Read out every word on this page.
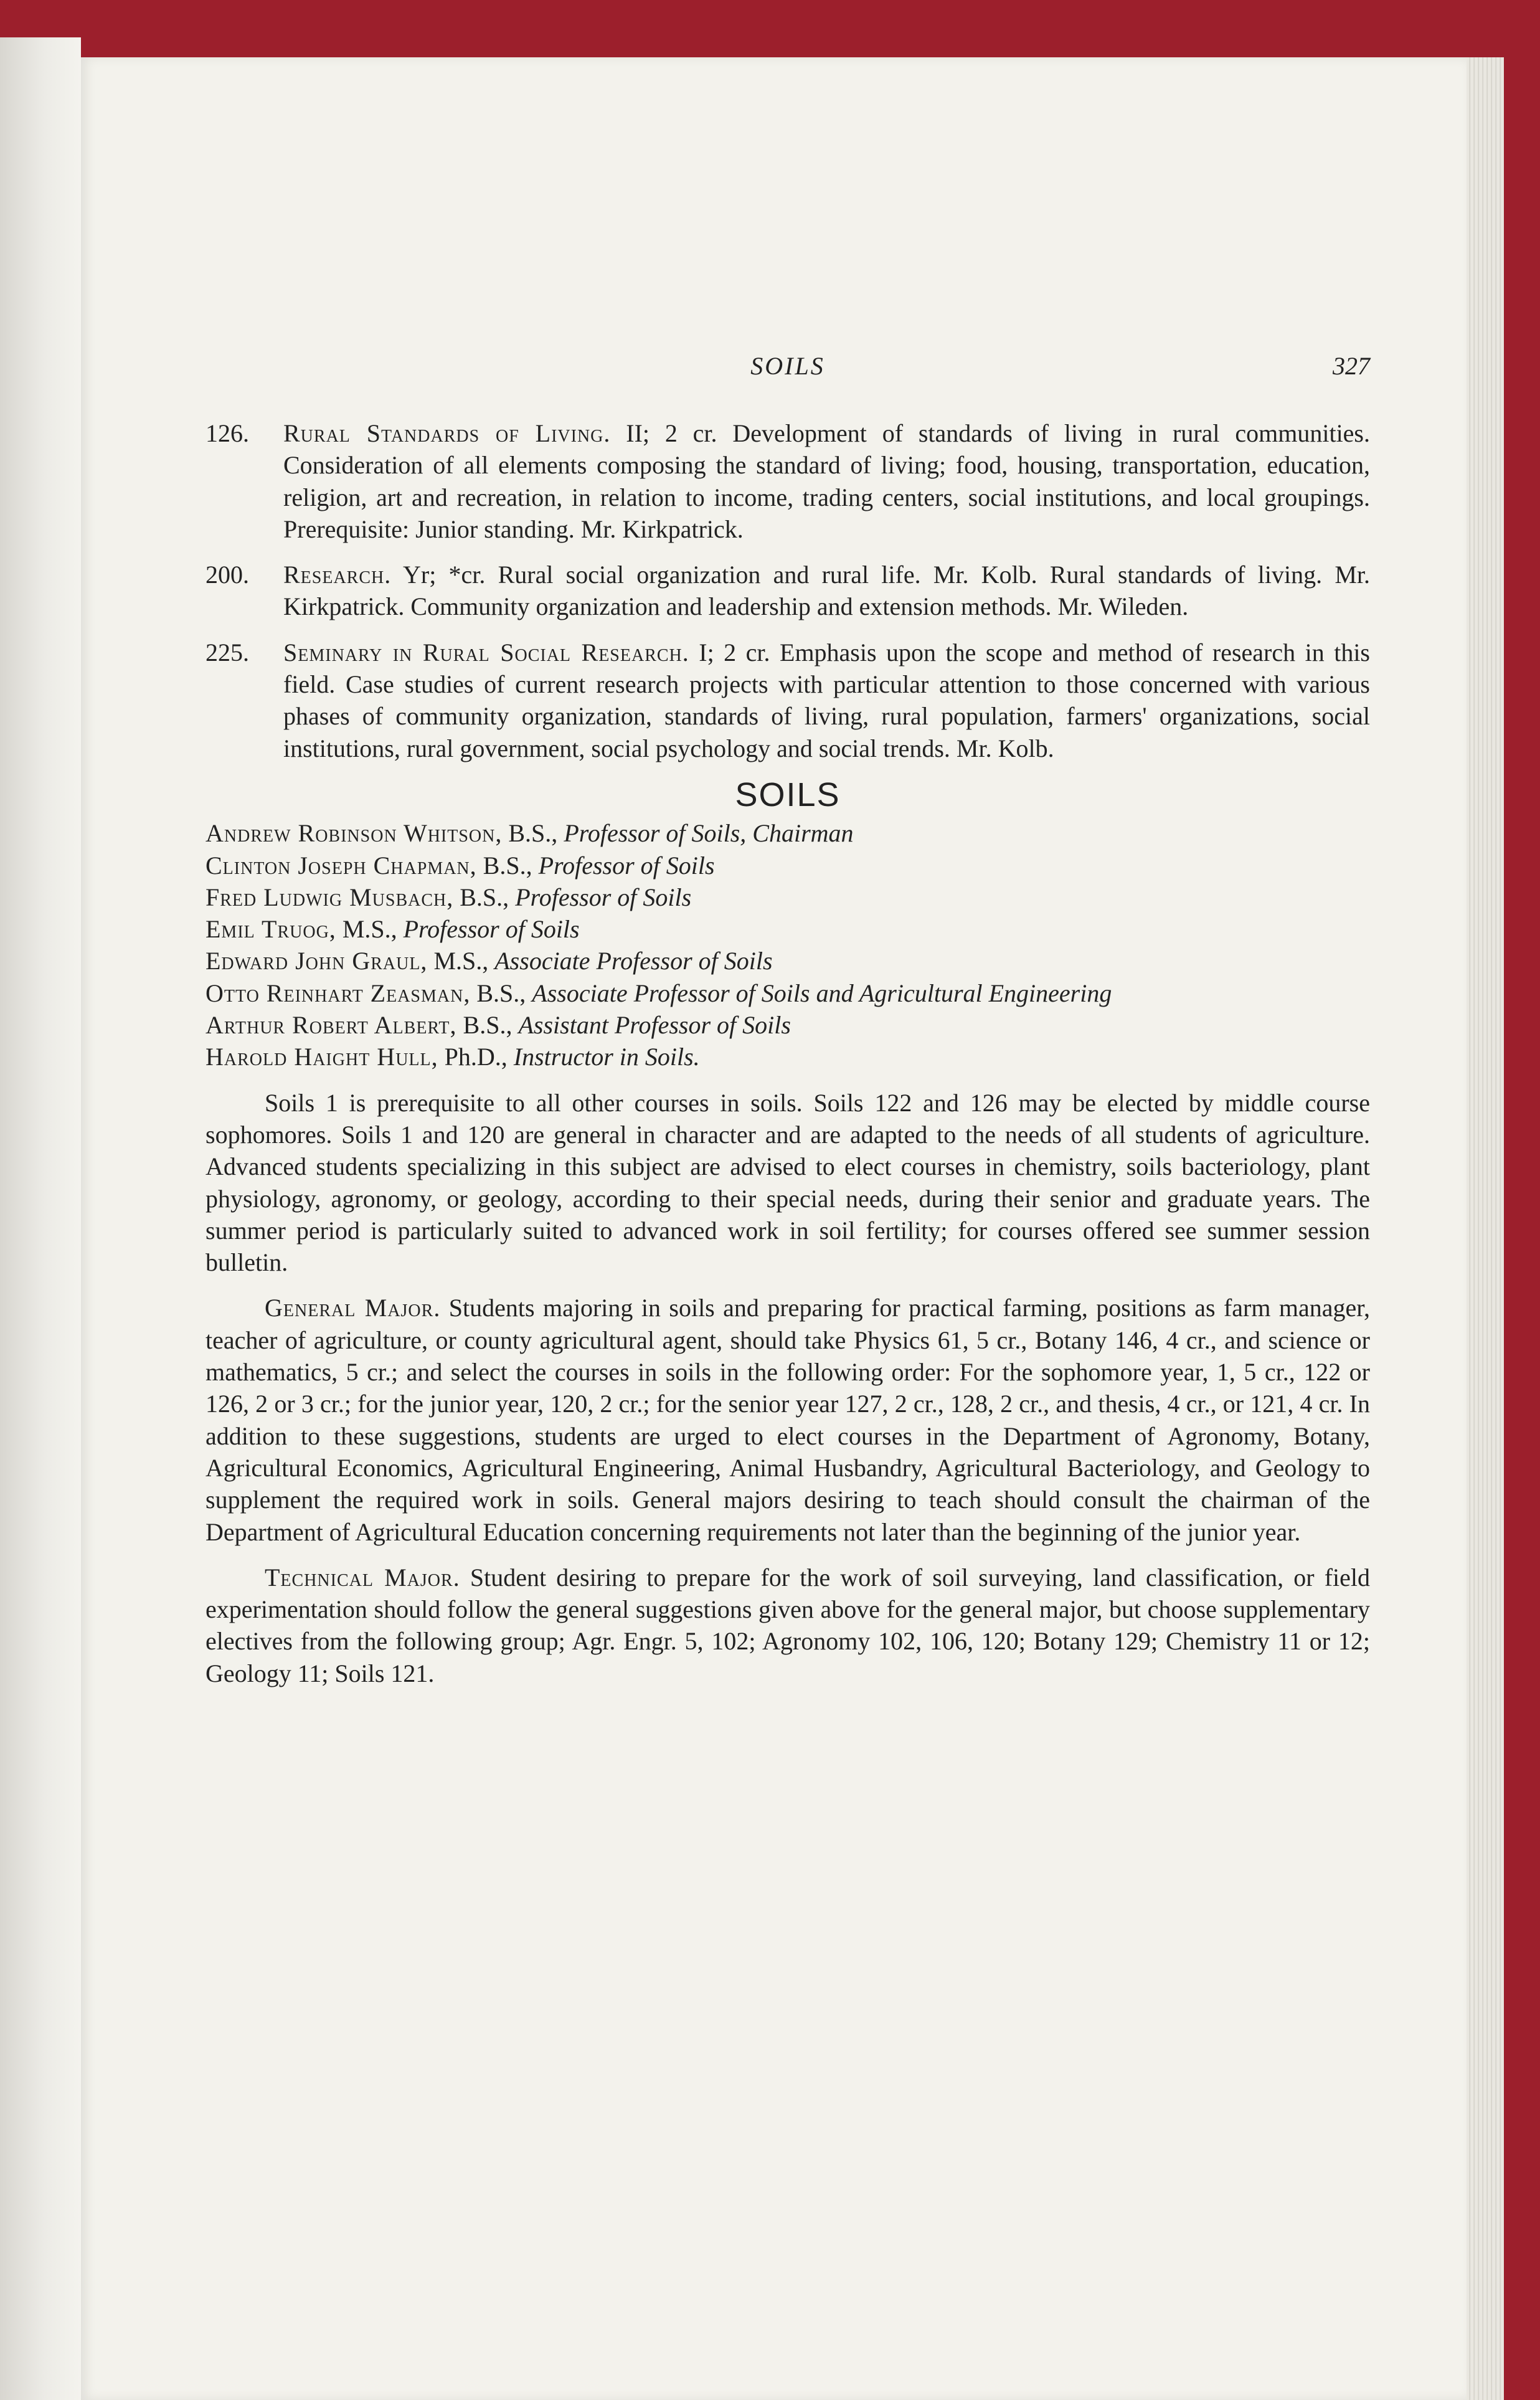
SOILS	327
126. Rural Standards of Living. II; 2 cr. Development of standards of living in rural communities. Consideration of all elements composing the standard of living; food, housing, transportation, education, religion, art and recreation, in relation to income, trading centers, social institutions, and local groupings. Prerequisite: Junior standing. Mr. Kirkpatrick.
200. Research. Yr; *cr. Rural social organization and rural life. Mr. Kolb. Rural standards of living. Mr. Kirkpatrick. Community organization and leadership and extension methods. Mr. Wileden.
225. Seminary in Rural Social Research. I; 2 cr. Emphasis upon the scope and method of research in this field. Case studies of current research projects with particular attention to those concerned with various phases of community organization, standards of living, rural population, farmers' organizations, social institutions, rural government, social psychology and social trends. Mr. Kolb.
SOILS
Andrew Robinson Whitson, B.S., Professor of Soils, Chairman
Clinton Joseph Chapman, B.S., Professor of Soils
Fred Ludwig Musbach, B.S., Professor of Soils
Emil Truog, M.S., Professor of Soils
Edward John Graul, M.S., Associate Professor of Soils
Otto Reinhart Zeasman, B.S., Associate Professor of Soils and Agricultural Engineering
Arthur Robert Albert, B.S., Assistant Professor of Soils
Harold Haight Hull, Ph.D., Instructor in Soils.

Soils 1 is prerequisite to all other courses in soils. Soils 122 and 126 may be elected by middle course sophomores. Soils 1 and 120 are general in character and are adapted to the needs of all students of agriculture. Advanced students specializing in this subject are advised to elect courses in chemistry, soils bacteriology, plant physiology, agronomy, or geology, according to their special needs, during their senior and graduate years. The summer period is particularly suited to advanced work in soil fertility; for courses offered see summer session bulletin.

General Major. Students majoring in soils and preparing for practical farming, positions as farm manager, teacher of agriculture, or county agricultural agent, should take Physics 61, 5 cr., Botany 146, 4 cr., and science or mathematics, 5 cr.; and select the courses in soils in the following order: For the sophomore year, 1, 5 cr., 122 or 126, 2 or 3 cr.; for the junior year, 120, 2 cr.; for the senior year 127, 2 cr., 128, 2 cr., and thesis, 4 cr., or 121, 4 cr. In addition to these suggestions, students are urged to elect courses in the Department of Agronomy, Botany, Agricultural Economics, Agricultural Engineering, Animal Husbandry, Agricultural Bacteriology, and Geology to supplement the required work in soils. General majors desiring to teach should consult the chairman of the Department of Agricultural Education concerning requirements not later than the beginning of the junior year.

Technical Major. Student desiring to prepare for the work of soil surveying, land classification, or field experimentation should follow the general suggestions given above for the general major, but choose supplementary electives from the following group; Agr. Engr. 5, 102; Agronomy 102, 106, 120; Botany 129; Chemistry 11 or 12; Geology 11; Soils 121.
